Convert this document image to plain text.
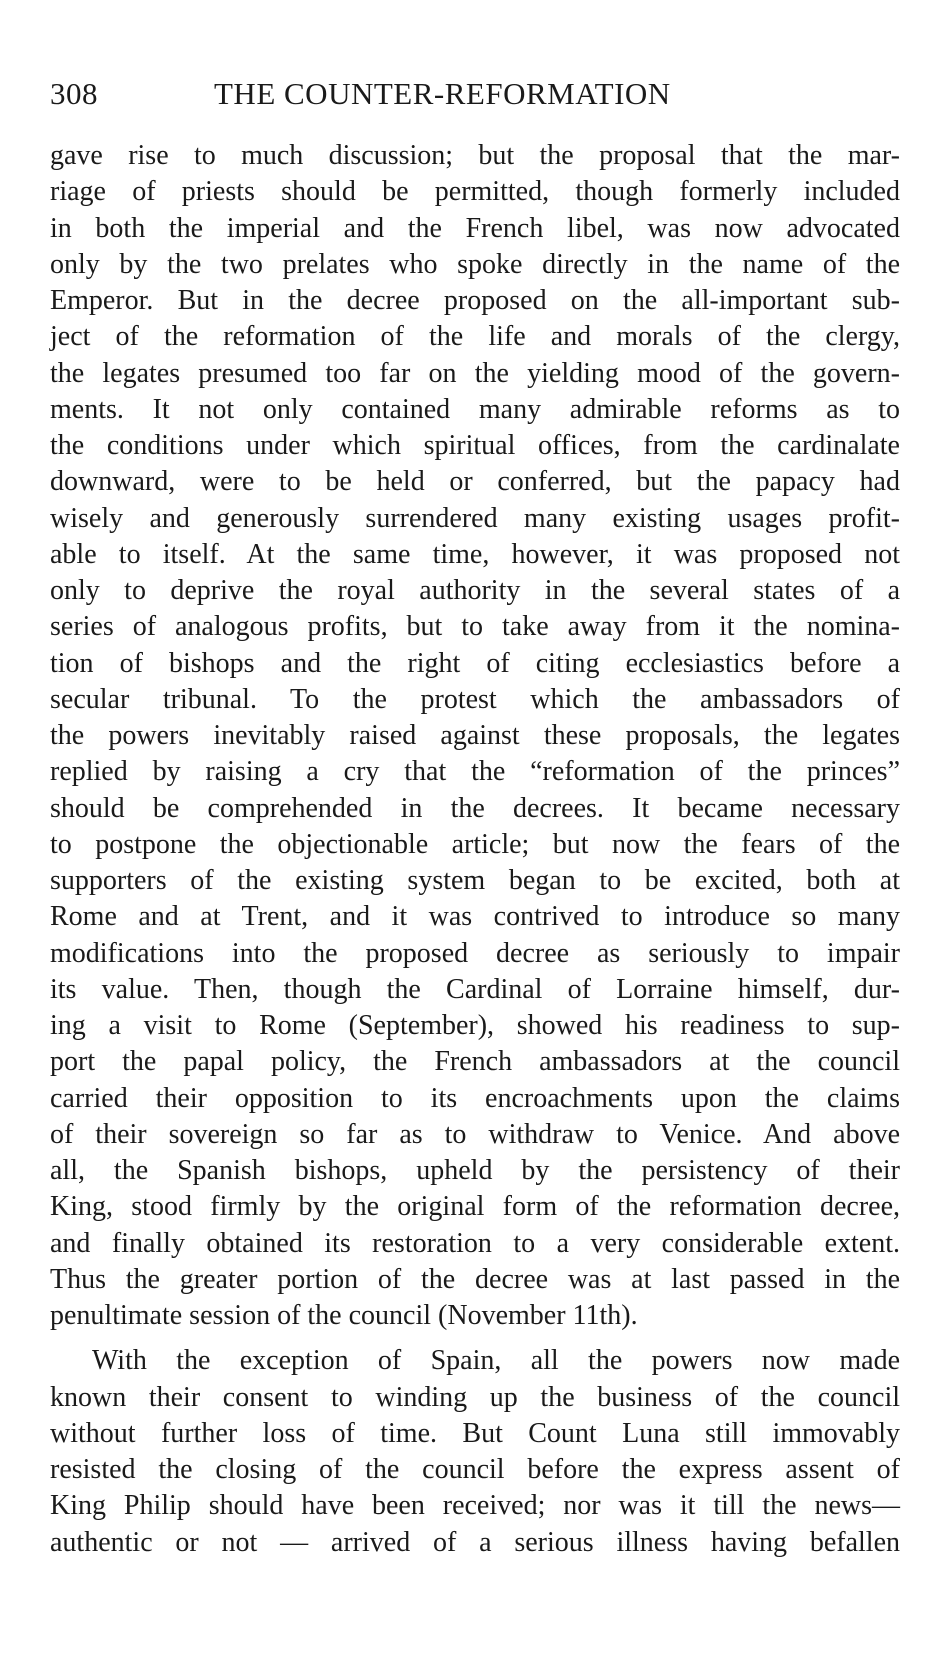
308	THE COUNTER-REFORMATION
gave rise to much discussion; but the proposal that the mar-
riage of priests should be permitted, though formerly included
in both the imperial and the French libel, was now advocated
only by the two prelates who spoke directly in the name of the
Emperor. But in the decree proposed on the all-important sub-
ject of the reformation of the life and morals of the clergy,
the legates presumed too far on the yielding mood of the govern-
ments. It not only contained many admirable reforms as to
the conditions under which spiritual offices, from the cardinalate
downward, were to be held or conferred, but the papacy had
wisely and generously surrendered many existing usages profit-
able to itself. At the same time, however, it was proposed not
only to deprive the royal authority in the several states of a
series of analogous profits, but to take away from it the nomina-
tion of bishops and the right of citing ecclesiastics before a
secular tribunal. To the protest which the ambassadors of
the powers inevitably raised against these proposals, the legates
replied by raising a cry that the “reformation of the princes”
should be comprehended in the decrees. It became necessary
to postpone the objectionable article; but now the fears of the
supporters of the existing system began to be excited, both at
Rome and at Trent, and it was contrived to introduce so many
modifications into the proposed decree as seriously to impair
its value. Then, though the Cardinal of Lorraine himself, dur-
ing a visit to Rome (September), showed his readiness to sup-
port the papal policy, the French ambassadors at the council
carried their opposition to its encroachments upon the claims
of their sovereign so far as to withdraw to Venice. And above
all, the Spanish bishops, upheld by the persistency of their
King, stood firmly by the original form of the reformation decree,
and finally obtained its restoration to a very considerable extent.
Thus the greater portion of the decree was at last passed in the
penultimate session of the council (November 11th).
With the exception of Spain, all the powers now made
known their consent to winding up the business of the council
without further loss of time. But Count Luna still immovably
resisted the closing of the council before the express assent of
King Philip should have been received; nor was it till the news—
authentic or not — arrived of a serious illness having befallen
